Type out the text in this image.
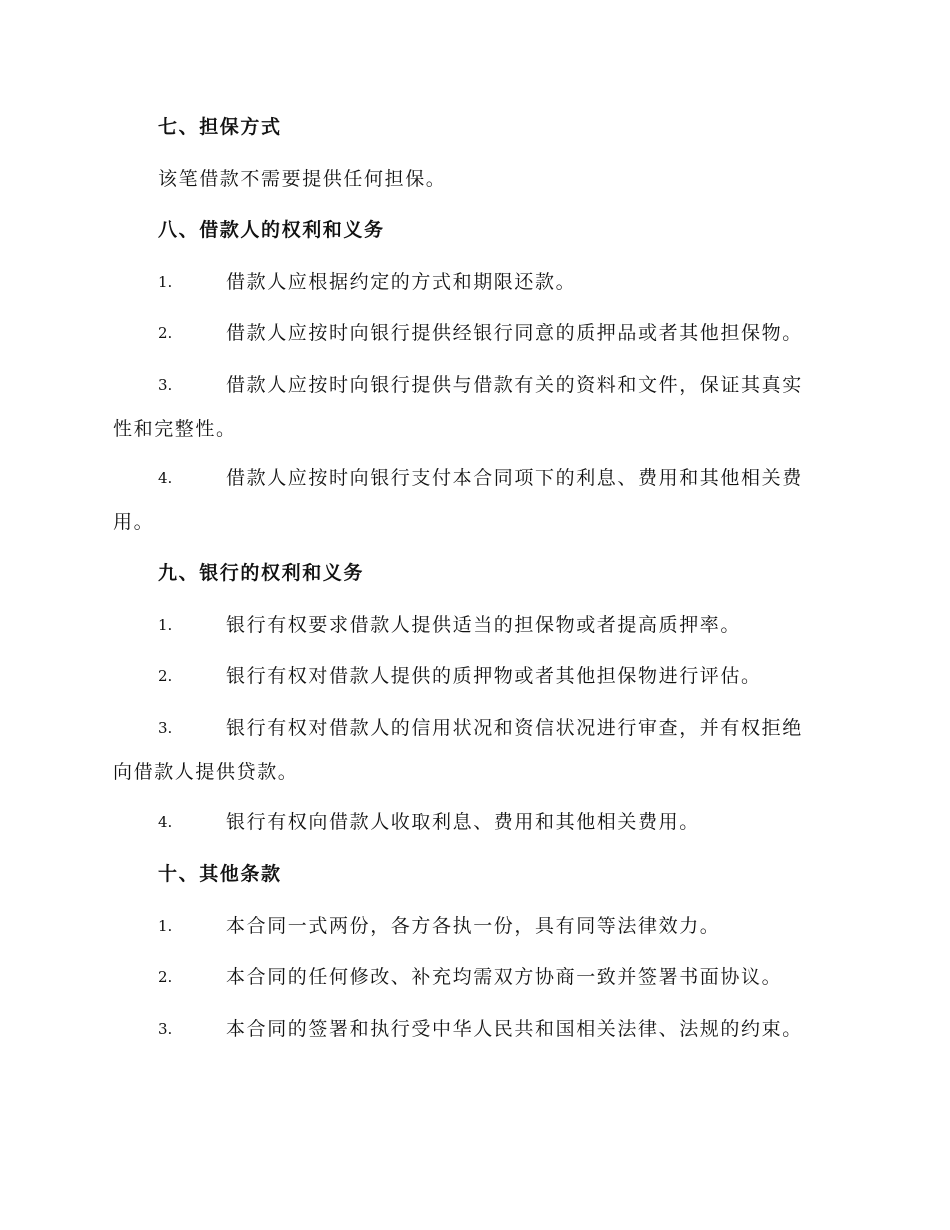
七、担保方式
该笔借款不需要提供任何担保。
八、借款人的权利和义务
1.	借款人应根据约定的方式和期限还款。
2.	借款人应按时向银行提供经银行同意的质押品或者其他担保物。
3.	借款人应按时向银行提供与借款有关的资料和文件，保证其真实
性和完整性。
4.	借款人应按时向银行支付本合同项下的利息、费用和其他相关费
用。
九、银行的权利和义务
1.	银行有权要求借款人提供适当的担保物或者提高质押率。
2.	银行有权对借款人提供的质押物或者其他担保物进行评估。
3.	银行有权对借款人的信用状况和资信状况进行审查，并有权拒绝
向借款人提供贷款。
4.	银行有权向借款人收取利息、费用和其他相关费用。
十、其他条款
1.	本合同一式两份，各方各执一份，具有同等法律效力。
2.	本合同的任何修改、补充均需双方协商一致并签署书面协议。
3.	本合同的签署和执行受中华人民共和国相关法律、法规的约束。
